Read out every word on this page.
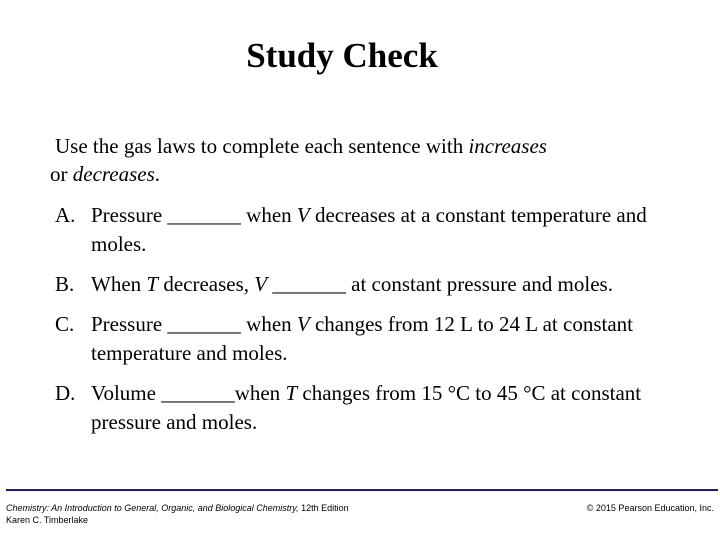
Study Check
Use the gas laws to complete each sentence with increases
or decreases.
A. Pressure _______ when V decreases at a constant temperature and moles.
B. When T decreases, V _______ at constant pressure and moles.
C. Pressure _______ when V changes from 12 L to 24 L at constant temperature and moles.
D. Volume _______when T changes from 15 °C to 45 °C at constant pressure and moles.
Chemistry: An Introduction to General, Organic, and Biological Chemistry, 12th Edition
Karen C. Timberlake
© 2015 Pearson Education, Inc.
